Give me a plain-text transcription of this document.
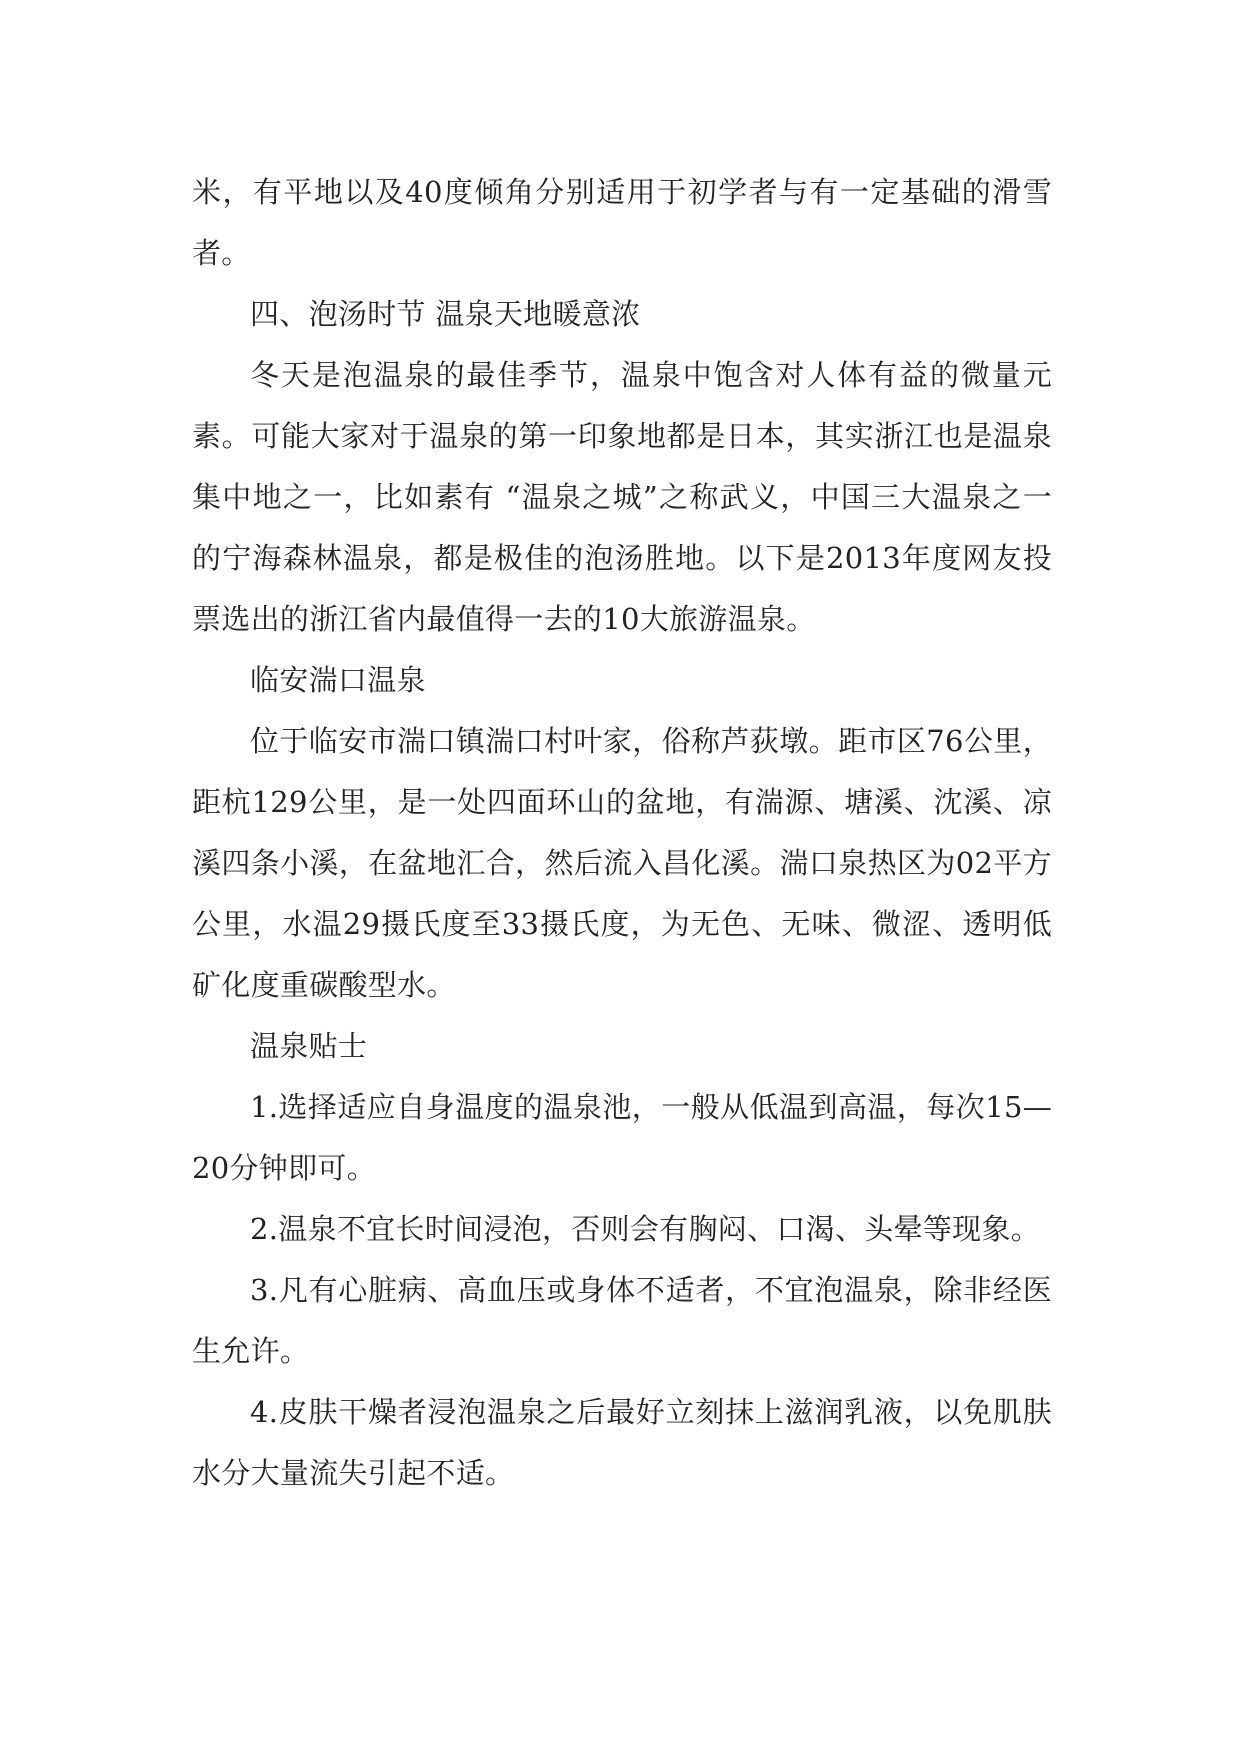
米，有平地以及40度倾角分别适用于初学者与有一定基础的滑雪者。

四、泡汤时节 温泉天地暖意浓

冬天是泡温泉的最佳季节，温泉中饱含对人体有益的微量元素。可能大家对于温泉的第一印象地都是日本，其实浙江也是温泉集中地之一，比如素有 “温泉之城”之称武义，中国三大温泉之一的宁海森林温泉，都是极佳的泡汤胜地。以下是2013年度网友投票选出的浙江省内最值得一去的10大旅游温泉。

临安湍口温泉

位于临安市湍口镇湍口村叶家，俗称芦荻墩。距市区76公里，距杭129公里，是一处四面环山的盆地，有湍源、塘溪、沈溪、凉溪四条小溪，在盆地汇合，然后流入昌化溪。湍口泉热区为02平方公里，水温29摄氏度至33摄氏度，为无色、无味、微涩、透明低矿化度重碳酸型水。

温泉贴士

1.选择适应自身温度的温泉池，一般从低温到高温，每次15—20分钟即可。

2.温泉不宜长时间浸泡，否则会有胸闷、口渴、头晕等现象。

3.凡有心脏病、高血压或身体不适者，不宜泡温泉，除非经医生允许。

4.皮肤干燥者浸泡温泉之后最好立刻抹上滋润乳液，以免肌肤水分大量流失引起不适。
